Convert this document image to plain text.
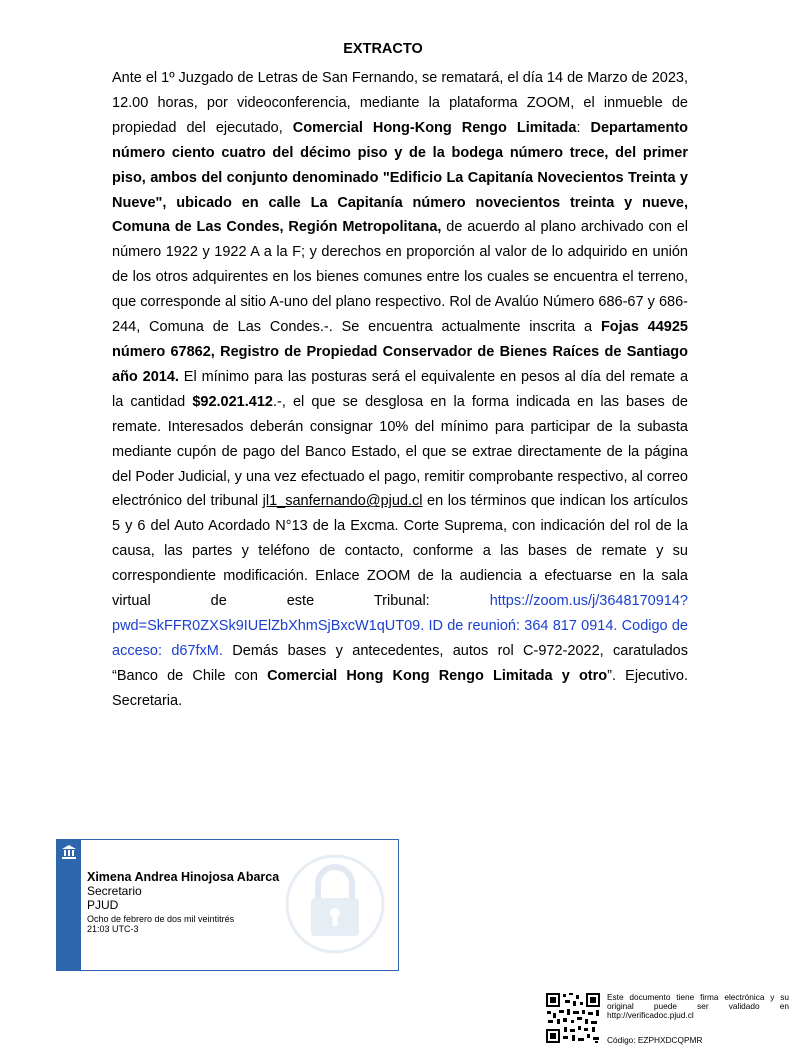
EXTRACTO
Ante el 1º Juzgado de Letras de San Fernando, se rematará, el día 14 de Marzo de 2023, 12.00 horas, por videoconferencia, mediante la plataforma ZOOM, el inmueble de propiedad del ejecutado, Comercial Hong-Kong Rengo Limitada: Departamento número ciento cuatro del décimo piso y de la bodega número trece, del primer piso, ambos del conjunto denominado "Edificio La Capitanía Novecientos Treinta y Nueve", ubicado en calle La Capitanía número novecientos treinta y nueve, Comuna de Las Condes, Región Metropolitana, de acuerdo al plano archivado con el número 1922 y 1922 A a la F; y derechos en proporción al valor de lo adquirido en unión de los otros adquirentes en los bienes comunes entre los cuales se encuentra el terreno, que corresponde al sitio A-uno del plano respectivo. Rol de Avalúo Número 686-67 y 686-244, Comuna de Las Condes.-. Se encuentra actualmente inscrita a Fojas 44925 número 67862, Registro de Propiedad Conservador de Bienes Raíces de Santiago año 2014. El mínimo para las posturas será el equivalente en pesos al día del remate a la cantidad $92.021.412.-, el que se desglosa en la forma indicada en las bases de remate. Interesados deberán consignar 10% del mínimo para participar de la subasta mediante cupón de pago del Banco Estado, el que se extrae directamente de la página del Poder Judicial, y una vez efectuado el pago, remitir comprobante respectivo, al correo electrónico del tribunal jl1_sanfernando@pjud.cl en los términos que indican los artículos 5 y 6 del Auto Acordado N°13 de la Excma. Corte Suprema, con indicación del rol de la causa, las partes y teléfono de contacto, conforme a las bases de remate y su correspondiente modificación. Enlace ZOOM de la audiencia a efectuarse en la sala virtual de este Tribunal: https://zoom.us/j/3648170914?pwd=SkFFR0ZXSk9IUElZbXhmSjBxcW1qUT09. ID de reunioń: 364 817 0914. Codigo de acceso: d67fxM. Demás bases y antecedentes, autos rol C-972-2022, caratulados “Banco de Chile con Comercial Hong Kong Rengo Limitada y otro”. Ejecutivo. Secretaria.
Ximena Andrea Hinojosa Abarca
Secretario
PJUD
Ocho de febrero de dos mil veintitrés
21:03 UTC-3
Este documento tiene firma electrónica y su original puede ser validado en http://verificadoc.pjud.cl
Código: EZPHXDCQPMR
